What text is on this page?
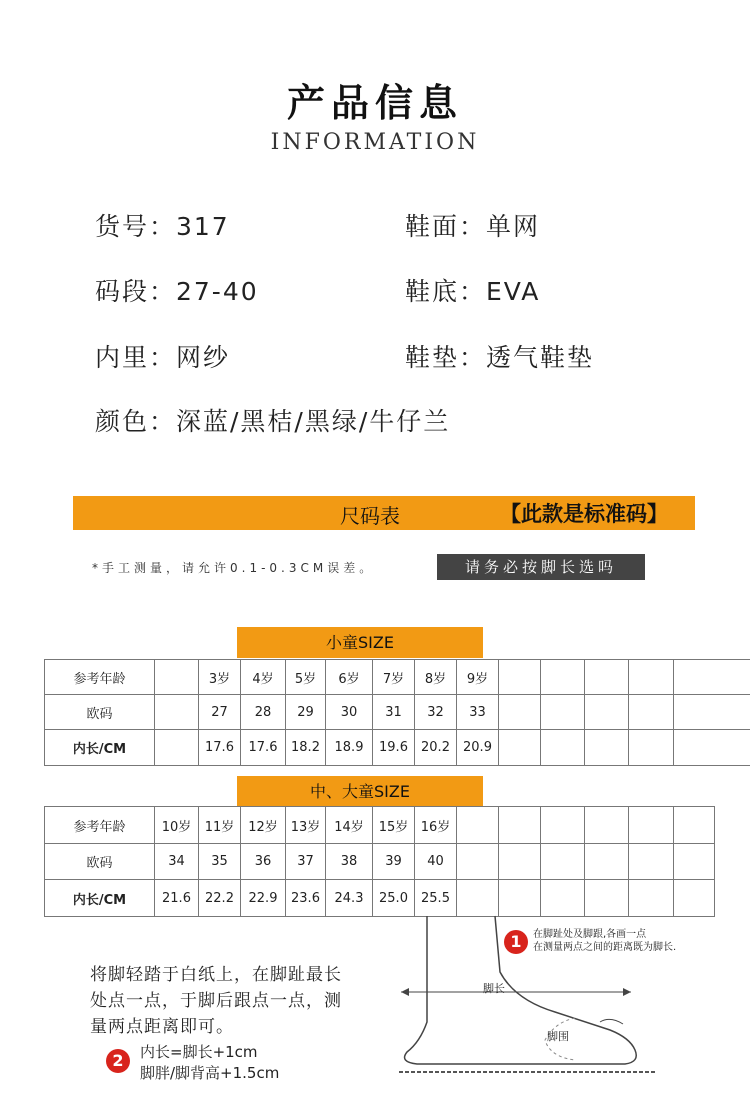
产品信息
INFORMATION
货号：317	鞋面：单网
码段：27-40	鞋底：EVA
内里：网纱	鞋垫：透气鞋垫
颜色：深蓝/黑桔/黑绿/牛仔兰
尺码表	【此款是标准码】
*手工测量，请允许0.1-0.3CM误差。	请务必按脚长选吗
小童SIZE
参考年龄		3岁	4岁	5岁	6岁	7岁	8岁	9岁					
欧码		27	28	29	30	31	32	33					
内长/CM		17.6	17.6	18.2	18.9	19.6	20.2	20.9					
中、大童SIZE
参考年龄	10岁	11岁	12岁	13岁	14岁	15岁	16岁						
欧码	34	35	36	37	38	39	40						
内长/CM	21.6	22.2	22.9	23.6	24.3	25.0	25.5						
将脚轻踏于白纸上，在脚趾最长处点一点，于脚后跟点一点，测量两点距离即可。
2	内长=脚长+1cm
脚胖/脚背高+1.5cm
脚长
脚围
1	在脚趾处及脚跟,各画一点
在测量两点之间的距离既为脚长.
